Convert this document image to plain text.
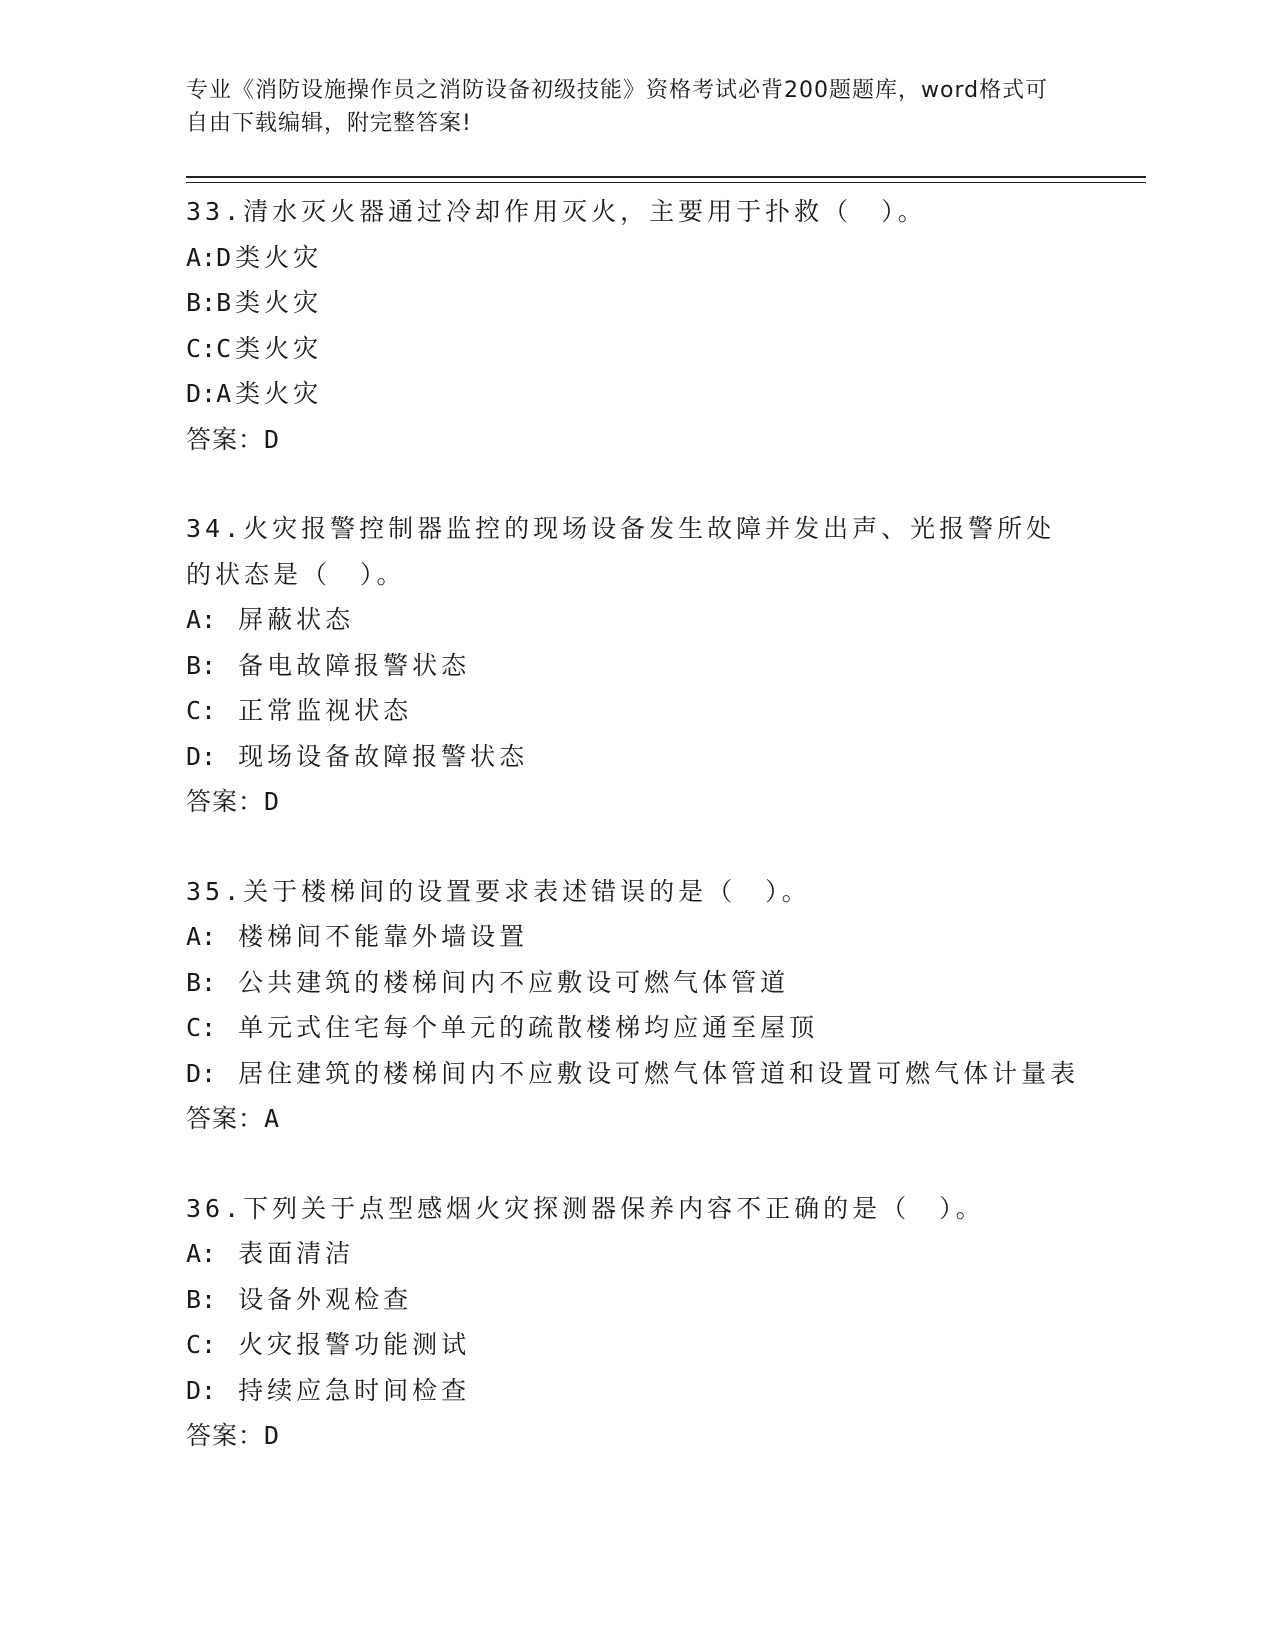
专业《消防设施操作员之消防设备初级技能》资格考试必背200题题库，word格式可自由下载编辑，附完整答案!
33.清水灭火器通过冷却作用灭火，主要用于扑救（　）。
A:D类火灾
B:B类火灾
C:C类火灾
D:A类火灾
答案：D
34.火灾报警控制器监控的现场设备发生故障并发出声、光报警所处的状态是（　）。
A: 屏蔽状态
B: 备电故障报警状态
C: 正常监视状态
D: 现场设备故障报警状态
答案：D
35.关于楼梯间的设置要求表述错误的是（　）。
A: 楼梯间不能靠外墙设置
B: 公共建筑的楼梯间内不应敷设可燃气体管道
C: 单元式住宅每个单元的疏散楼梯均应通至屋顶
D: 居住建筑的楼梯间内不应敷设可燃气体管道和设置可燃气体计量表
答案：A
36.下列关于点型感烟火灾探测器保养内容不正确的是（　）。
A: 表面清洁
B: 设备外观检查
C: 火灾报警功能测试
D: 持续应急时间检查
答案：D
